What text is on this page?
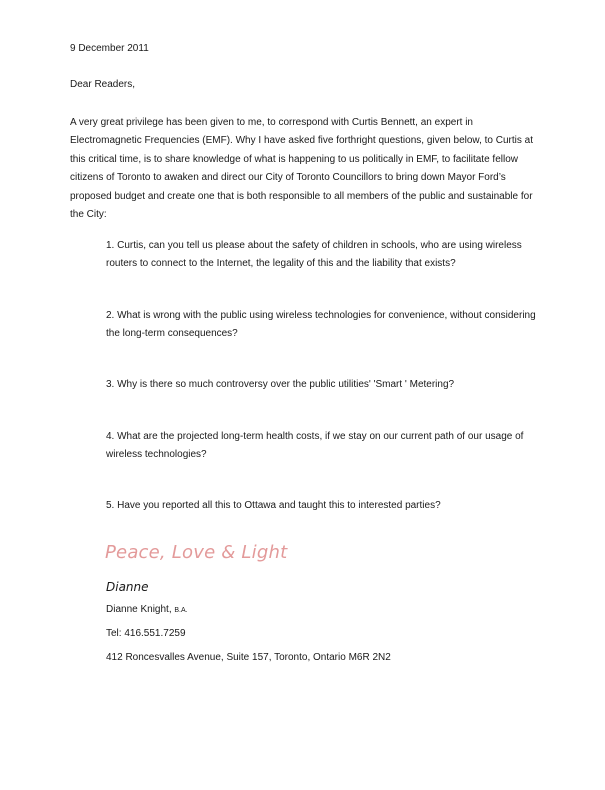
9 December 2011
Dear Readers,

A very great privilege has been given to me, to correspond with Curtis Bennett, an expert in Electromagnetic Frequencies (EMF). Why I have asked five forthright questions, given below, to Curtis at this critical time, is to share knowledge of what is happening to us politically in EMF, to facilitate fellow citizens of Toronto to awaken and direct our City of Toronto Councillors to bring down Mayor Ford’s proposed budget and create one that is both responsible to all members of the public and sustainable for the City:

1. Curtis, can you tell us please about the safety of children in schools, who are using wireless routers to connect to the Internet, the legality of this and the liability that exists?

2. What is wrong with the public using wireless technologies for convenience, without considering the long-term consequences?

3. Why is there so much controversy over the public utilities' 'Smart ' Metering?

4. What are the projected long-term health costs, if we stay on our current path of our usage of wireless technologies?

5. Have you reported all this to Ottawa and taught this to interested parties?

Peace, Love & Light
Dianne
Dianne Knight, B.A.
Tel: 416.551.7259
412 Roncesvalles Avenue, Suite 157, Toronto, Ontario M6R 2N2
